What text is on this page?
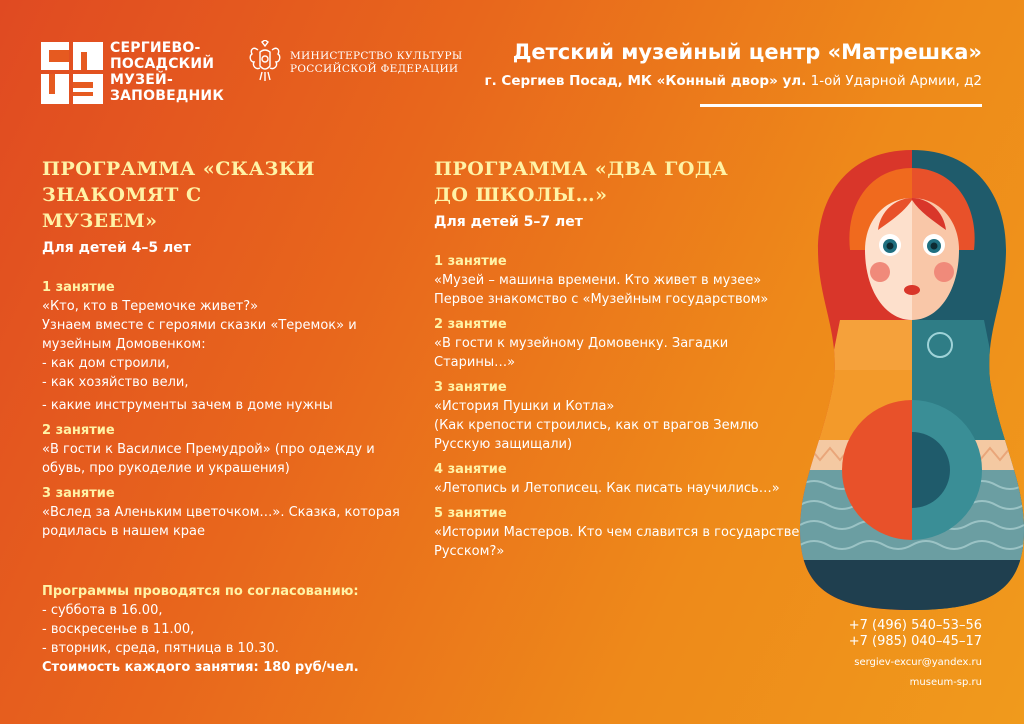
СЕРГИЕВО-
ПОСАДСКИЙ
МУЗЕЙ-
ЗАПОВЕДНИК
МИНИСТЕРСТВО КУЛЬТУРЫ
РОССИЙСКОЙ ФЕДЕРАЦИИ
Детский музейный центр «Матрешка»
г. Сергиев Посад, МК «Конный двор» ул. 1-ой Ударной Армии, д2
ПРОГРАММА «СКАЗКИ ЗНАКОМЯТ С
МУЗЕЕМ»
Для детей 4–5 лет
1 занятие
«Кто, кто в Теремочке живет?»
Узнаем вместе с героями сказки «Теремок» и музейным Домовенком:
- как дом строили,
- как хозяйство вели,
- какие инструменты зачем в доме нужны
2 занятие
«В гости к Василисе Премудрой» (про одежду и обувь, про рукоделие и украшения)
3 занятие
«Вслед за Аленьким цветочком…». Сказка, которая родилась в нашем крае
ПРОГРАММА «ДВА ГОДА
ДО ШКОЛЫ…»
Для детей 5–7 лет
1 занятие
«Музей – машина времени. Кто живет в музее»
Первое знакомство с «Музейным государством»
2 занятие
«В гости к музейному Домовенку. Загадки Старины…»
3 занятие
«История Пушки и Котла»
(Как крепости строились, как от врагов Землю Русскую защищали)
4 занятие
«Летопись и Летописец. Как писать научились…»
5 занятие
«Истории Мастеров. Кто чем славится в государстве Русском?»
Программы проводятся по согласованию:
- суббота в 16.00,
- воскресенье в 11.00,
- вторник, среда, пятница в 10.30.
Стоимость каждого занятия: 180 руб/чел.
+7 (496) 540–53–56
+7 (985) 040–45–17
sergiev-excur@yandex.ru
museum-sp.ru
